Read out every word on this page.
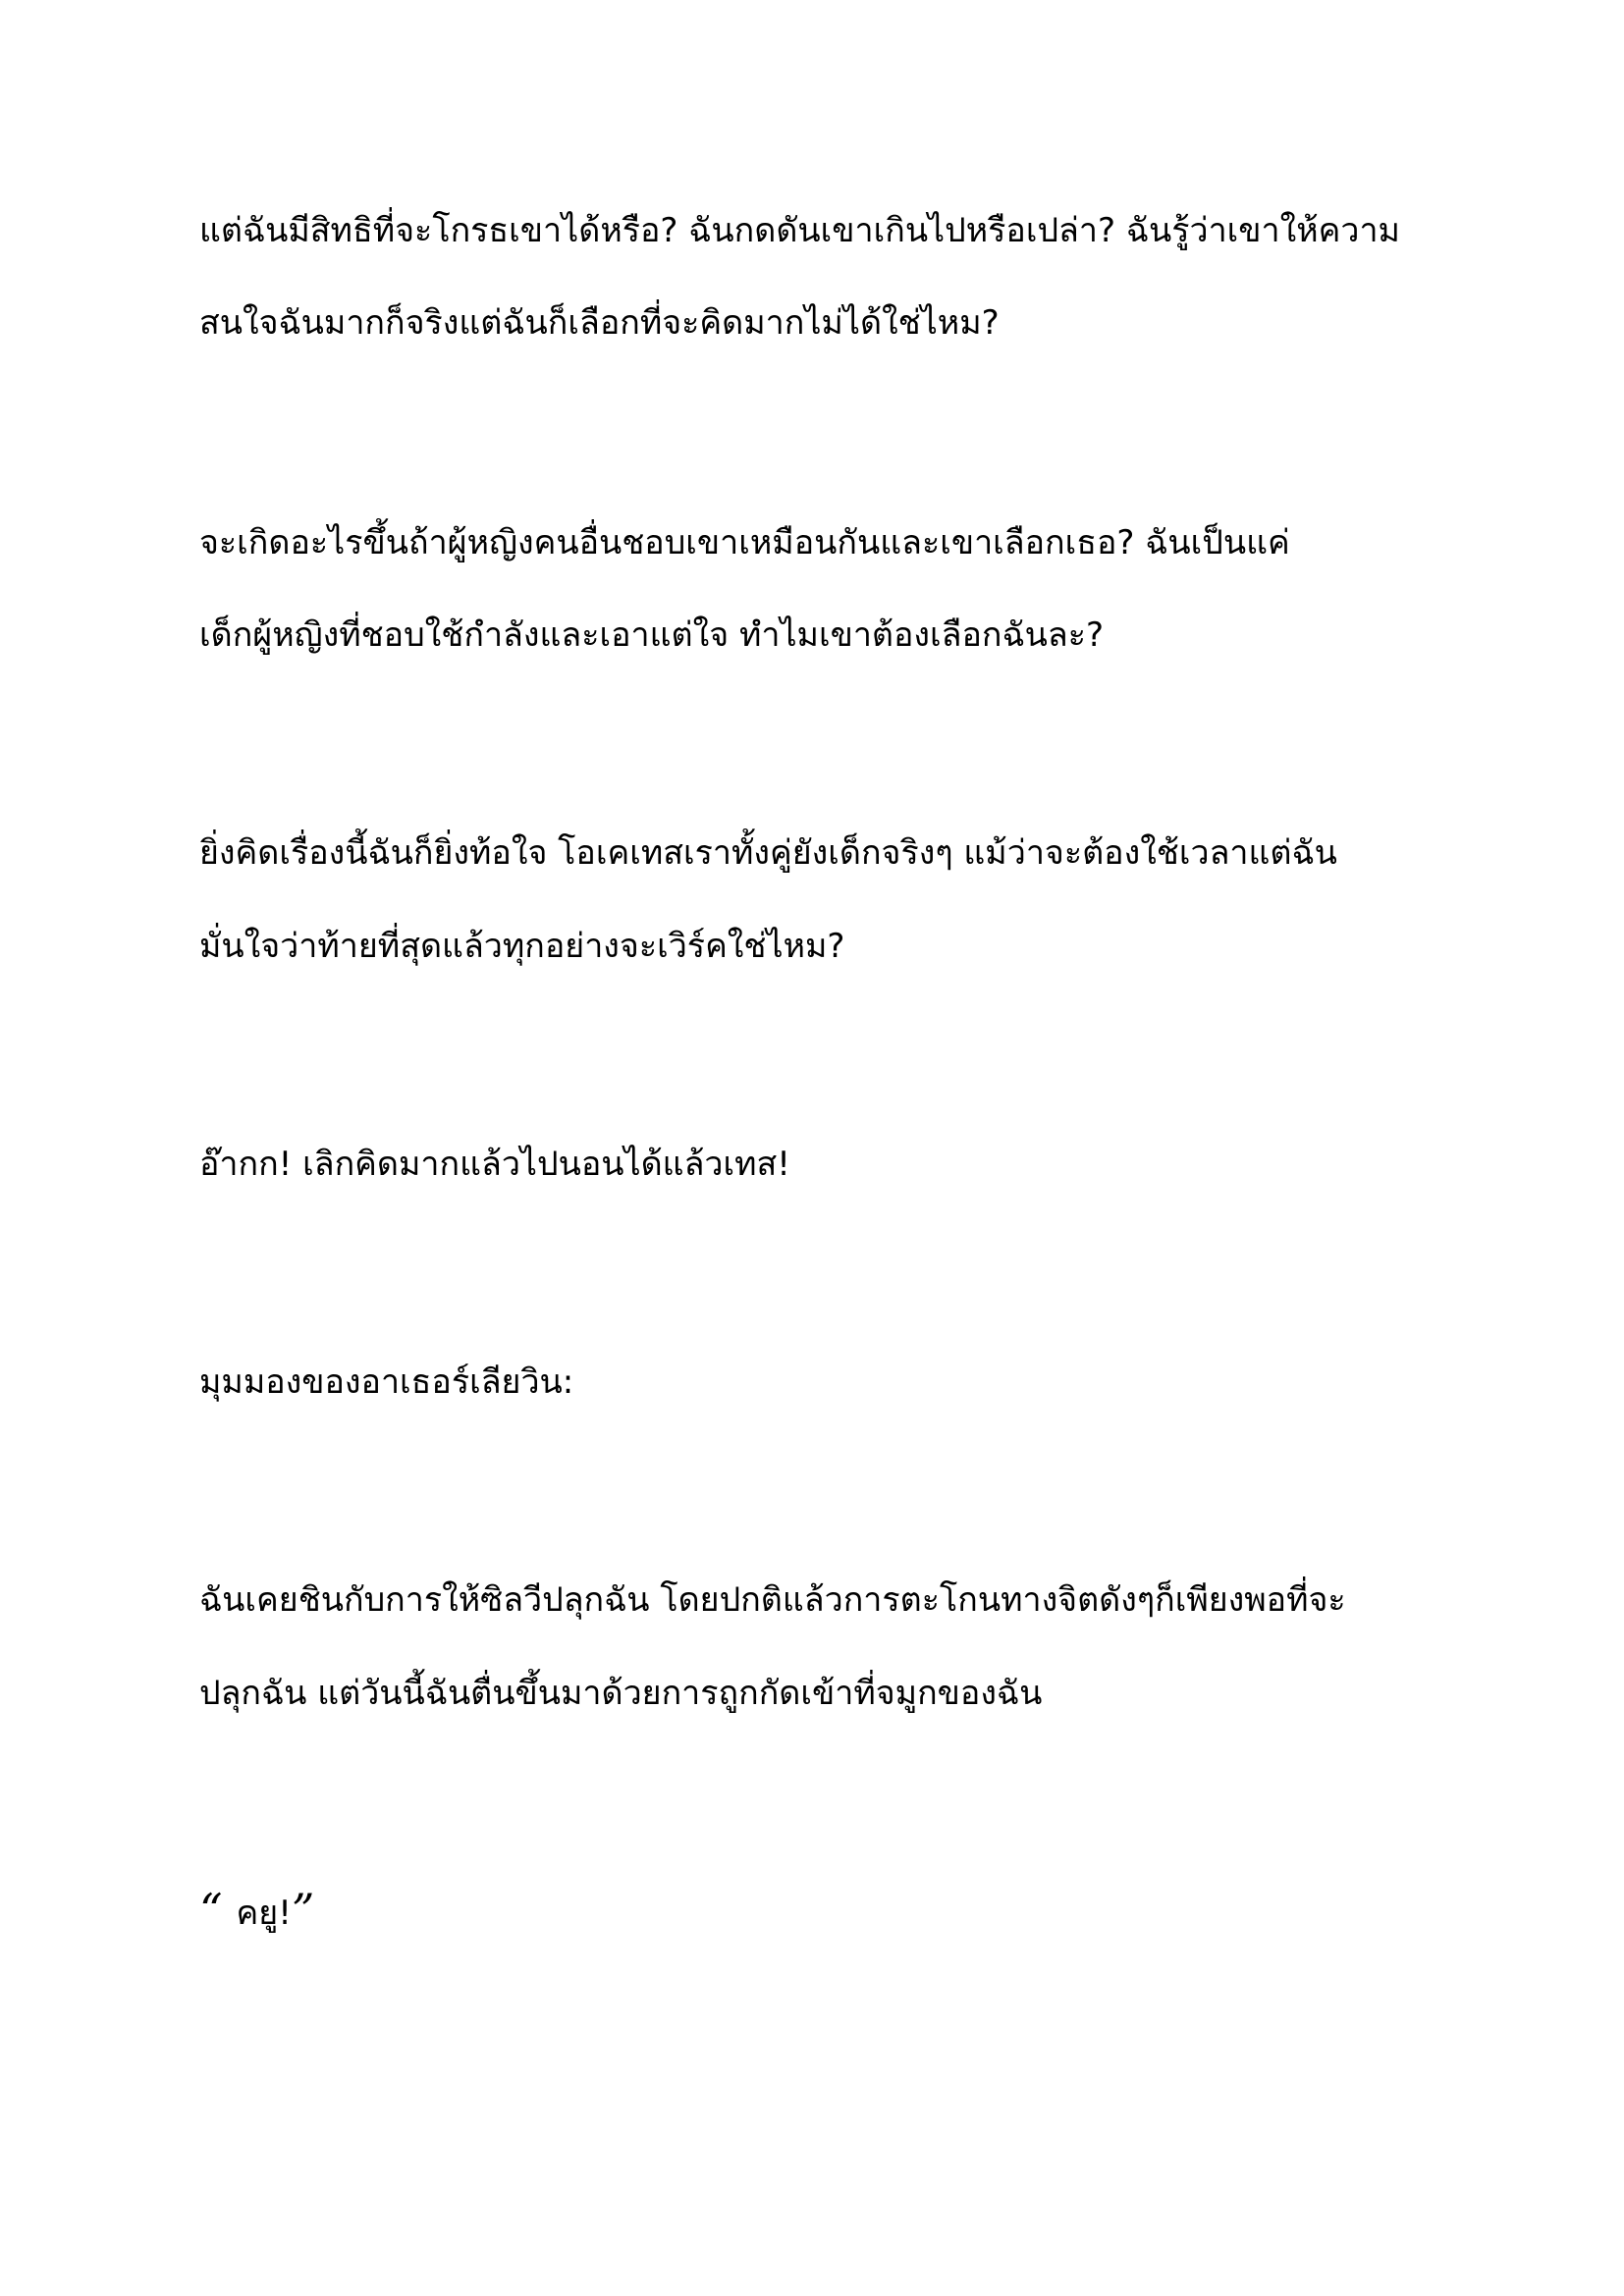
แต่ฉันมีสิทธิที่จะโกรธเขาได้หรือ? ฉันกดดันเขาเกินไปหรือเปล่า? ฉันรู้ว่าเขาให้ความ

สนใจฉันมากก็จริงแต่ฉันก็เลือกที่จะคิดมากไม่ได้ใช่ไหม?

จะเกิดอะไรขึ้นถ้าผู้หญิงคนอื่นชอบเขาเหมือนกันและเขาเลือกเธอ? ฉันเป็นแค่

เด็กผู้หญิงที่ชอบใช้กำลังและเอาแต่ใจ ทำไมเขาต้องเลือกฉันละ?

ยิ่งคิดเรื่องนี้ฉันก็ยิ่งท้อใจ โอเคเทสเราทั้งคู่ยังเด็กจริงๆ แม้ว่าจะต้องใช้เวลาแต่ฉัน

มั่นใจว่าท้ายที่สุดแล้วทุกอย่างจะเวิร์คใช่ไหม?

อ๊ากก! เลิกคิดมากแล้วไปนอนได้แล้วเทส!

มุมมองของอาเธอร์เลียวิน:

ฉันเคยชินกับการให้ซิลวีปลุกฉัน โดยปกติแล้วการตะโกนทางจิตดังๆก็เพียงพอที่จะ

ปลุกฉัน แต่วันนี้ฉันตื่นขึ้นมาด้วยการถูกกัดเข้าที่จมูกของฉัน

“ คยู!”
